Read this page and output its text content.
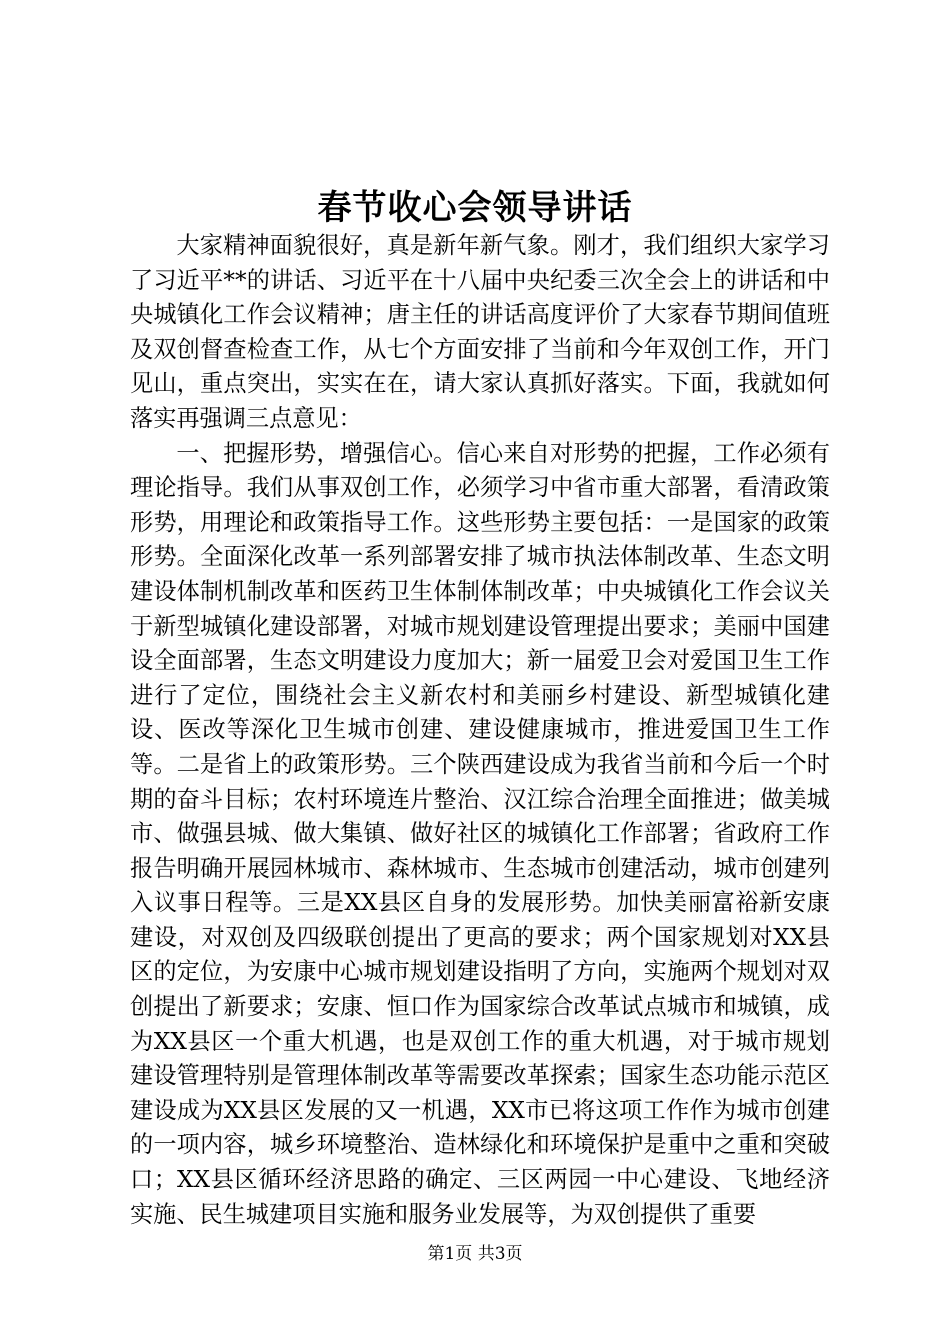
春节收心会领导讲话

大家精神面貌很好，真是新年新气象。刚才，我们组织大家学习了习近平**的讲话、习近平在十八届中央纪委三次全会上的讲话和中央城镇化工作会议精神；唐主任的讲话高度评价了大家春节期间值班及双创督查检查工作，从七个方面安排了当前和今年双创工作，开门见山，重点突出，实实在在，请大家认真抓好落实。下面，我就如何落实再强调三点意见：

一、把握形势，增强信心。信心来自对形势的把握，工作必须有理论指导。我们从事双创工作，必须学习中省市重大部署，看清政策形势，用理论和政策指导工作。这些形势主要包括：一是国家的政策形势。全面深化改革一系列部署安排了城市执法体制改革、生态文明建设体制机制改革和医药卫生体制体制改革；中央城镇化工作会议关于新型城镇化建设部署，对城市规划建设管理提出要求；美丽中国建设全面部署，生态文明建设力度加大；新一届爱卫会对爱国卫生工作进行了定位，围绕社会主义新农村和美丽乡村建设、新型城镇化建设、医改等深化卫生城市创建、建设健康城市，推进爱国卫生工作等。二是省上的政策形势。三个陕西建设成为我省当前和今后一个时期的奋斗目标；农村环境连片整治、汉江综合治理全面推进；做美城市、做强县城、做大集镇、做好社区的城镇化工作部署；省政府工作报告明确开展园林城市、森林城市、生态城市创建活动，城市创建列入议事日程等。三是XX县区自身的发展形势。加快美丽富裕新安康建设，对双创及四级联创提出了更高的要求；两个国家规划对XX县区的定位，为安康中心城市规划建设指明了方向，实施两个规划对双创提出了新要求；安康、恒口作为国家综合改革试点城市和城镇，成为XX县区一个重大机遇，也是双创工作的重大机遇，对于城市规划建设管理特别是管理体制改革等需要改革探索；国家生态功能示范区建设成为XX县区发展的又一机遇，XX市已将这项工作作为城市创建的一项内容，城乡环境整治、造林绿化和环境保护是重中之重和突破口；XX县区循环经济思路的确定、三区两园一中心建设、飞地经济实施、民生城建项目实施和服务业发展等，为双创提供了重要

第1页 共3页
